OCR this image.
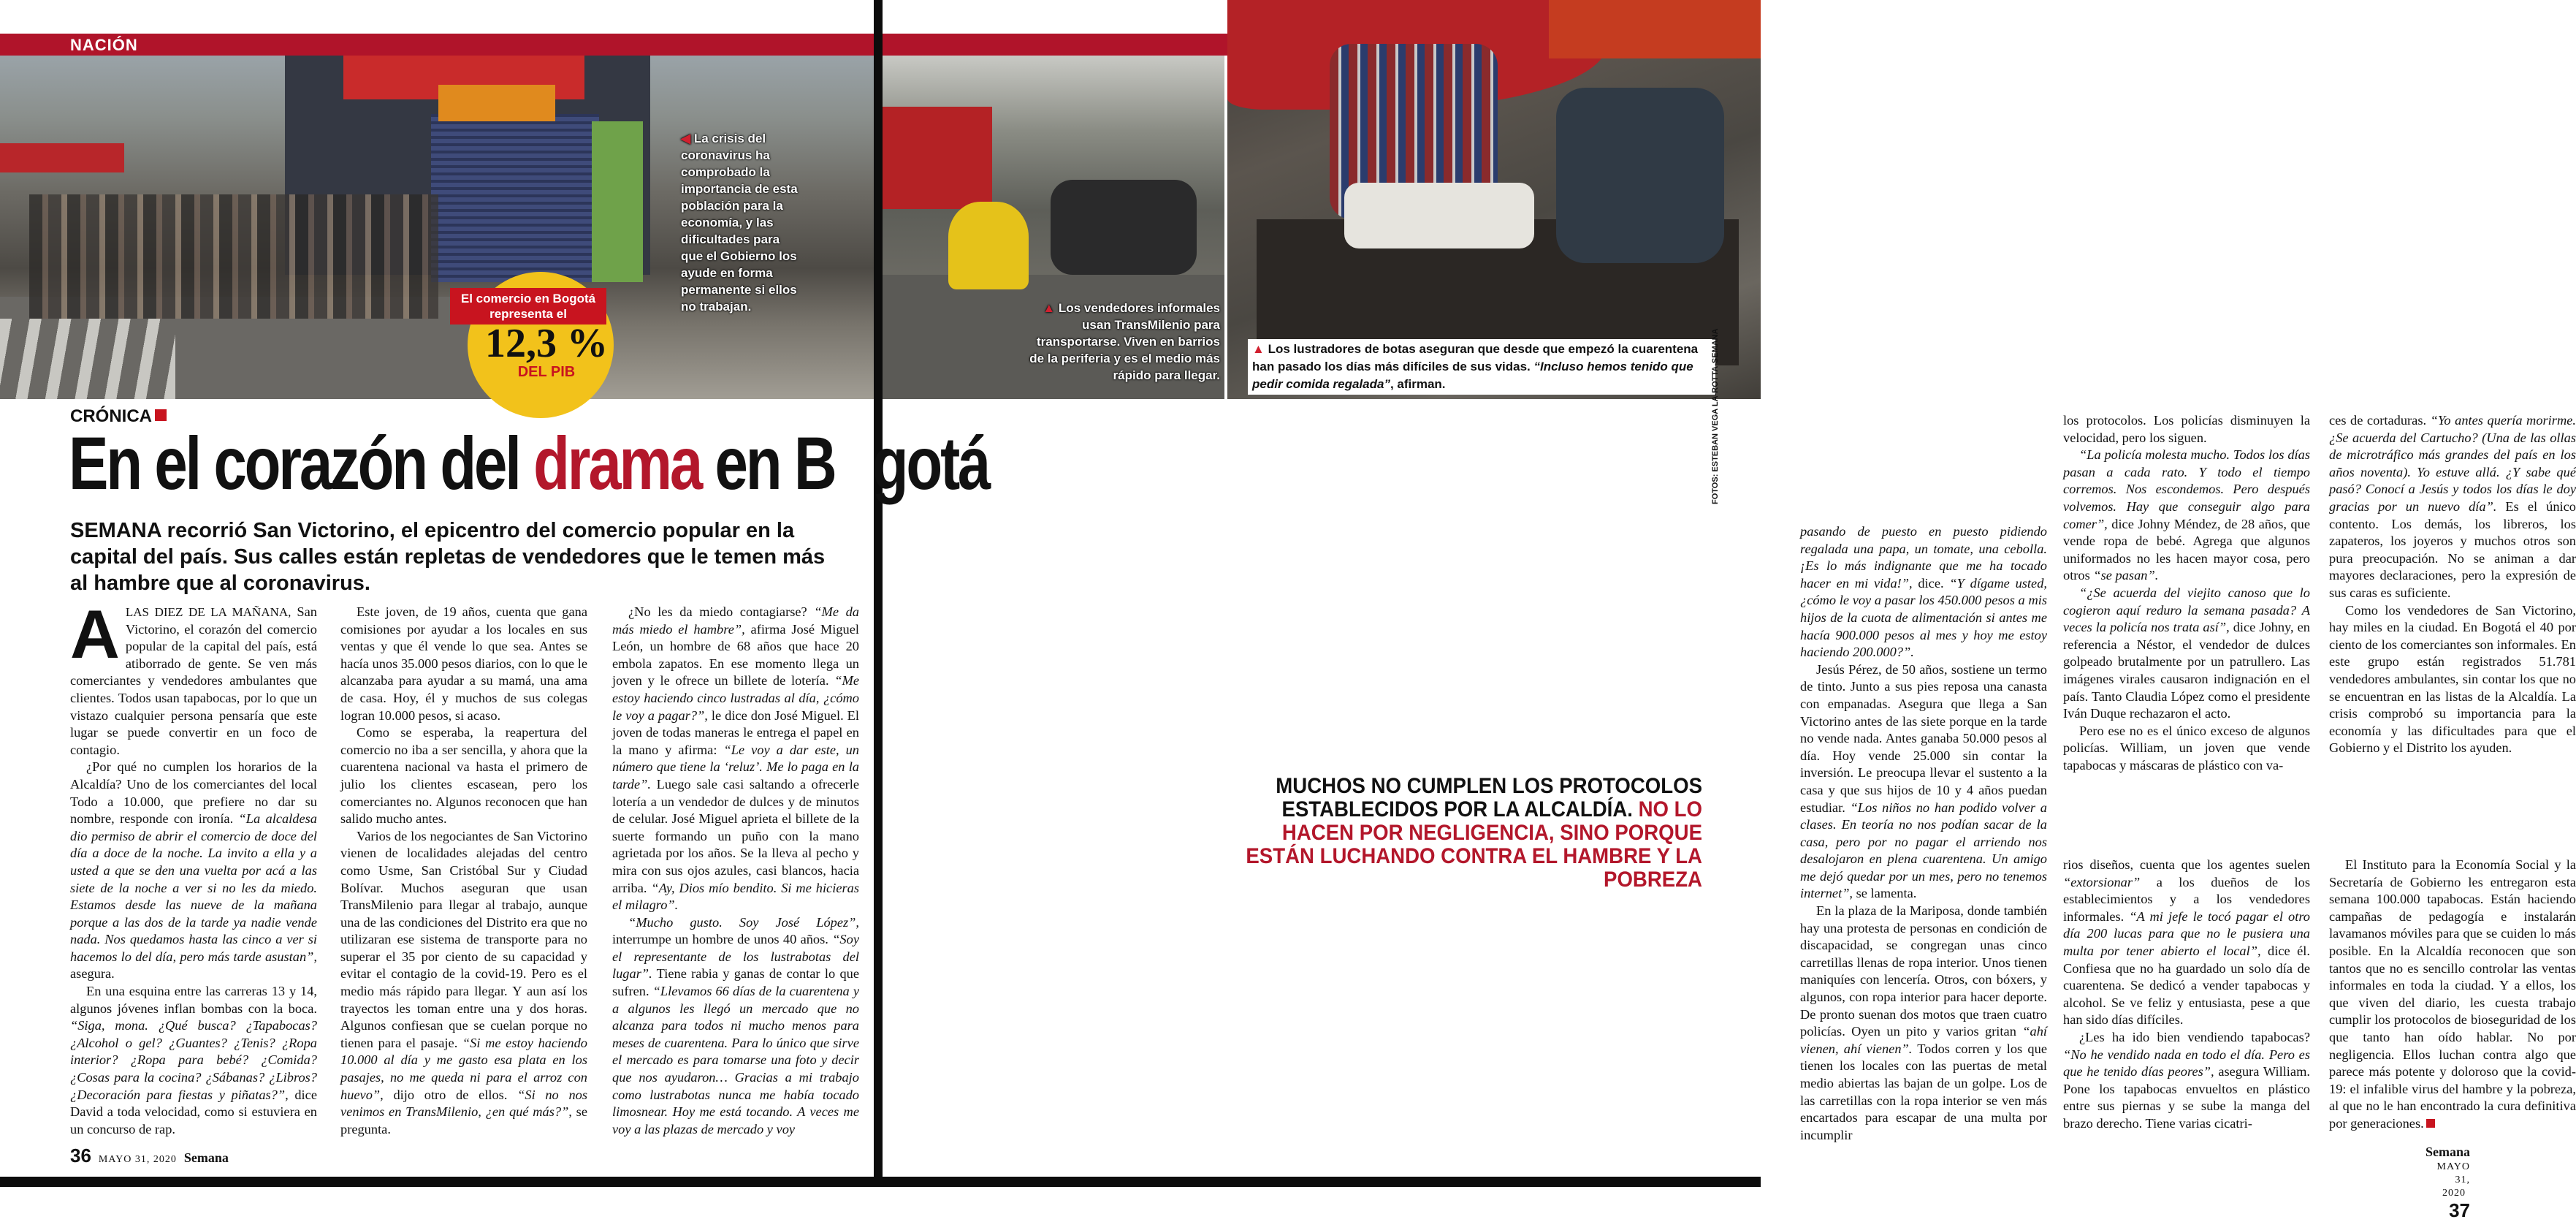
NACIÓN
◀ La crisis del coronavirus ha comprobado la importancia de esta población para la economía, y las dificultades para que el Gobierno los ayude en forma permanente si ellos no trabajan.
El comercio en Bogotá representa el
12,3 %
DEL PIB
CRÓNICA
SEMANA recorrió San Victorino, el epicentro del comercio popular en la capital del país. Sus calles están repletas de vendedores que le temen más al hambre que al coronavirus.

ALAS DIEZ DE LA MAÑANA, San Victorino, el corazón del comercio popular de la capital del país, está atiborrado de gente. Se ven más comerciantes y vendedores ambulantes que clientes. Todos usan tapabocas, por lo que un vistazo cualquier persona pensaría que este lugar se puede convertir en un foco de contagio.

¿Por qué no cumplen los horarios de la Alcaldía? Uno de los comerciantes del local Todo a 10.000, que prefiere no dar su nombre, responde con ironía. “La alcaldesa dio permiso de abrir el comercio de doce del día a doce de la noche. La invito a ella y a usted a que se den una vuelta por acá a las siete de la noche a ver si no les da miedo. Estamos desde las nueve de la mañana porque a las dos de la tarde ya nadie vende nada. Nos quedamos hasta las cinco a ver si hacemos lo del día, pero más tarde asustan”, asegura.

En una esquina entre las carreras 13 y 14, algunos jóvenes inflan bombas con la boca. “Siga, mona. ¿Qué busca? ¿Tapabocas? ¿Alcohol o gel? ¿Guantes? ¿Tenis? ¿Ropa interior? ¿Ropa para bebé? ¿Comida? ¿Cosas para la cocina? ¿Sábanas? ¿Libros? ¿Decoración para fiestas y piñatas?”, dice David a toda velocidad, como si estuviera en un concurso de rap.

Este joven, de 19 años, cuenta que gana comisiones por ayudar a los locales en sus ventas y que él vende lo que sea. Antes se hacía unos 35.000 pesos diarios, con lo que le alcanzaba para ayudar a su mamá, una ama de casa. Hoy, él y muchos de sus colegas logran 10.000 pesos, si acaso.

Como se esperaba, la reapertura del comercio no iba a ser sencilla, y ahora que la cuarentena nacional va hasta el primero de julio los clientes escasean, pero los comerciantes no. Algunos reconocen que han salido mucho antes.

Varios de los negociantes de San Victorino vienen de localidades alejadas del centro como Usme, San Cristóbal Sur y Ciudad Bolívar. Muchos aseguran que usan TransMilenio para llegar al trabajo, aunque una de las condiciones del Distrito era que no utilizaran ese sistema de transporte para no superar el 35 por ciento de su capacidad y evitar el contagio de la covid-19. Pero es el medio más rápido para llegar. Y aun así los trayectos les toman entre una y dos horas. Algunos confiesan que se cuelan porque no tienen para el pasaje. “Si me estoy haciendo 10.000 al día y me gasto esa plata en los pasajes, no me queda ni para el arroz con huevo”, dijo otro de ellos. “Si no nos venimos en TransMilenio, ¿en qué más?”, se pregunta.

¿No les da miedo contagiarse? “Me da más miedo el hambre”, afirma José Miguel León, un hombre de 68 años que hace 20 embola zapatos. En ese momento llega un joven y le ofrece un billete de lotería. “Me estoy haciendo cinco lustradas al día, ¿cómo le voy a pagar?”, le dice don José Miguel. El joven de todas maneras le entrega el papel en la mano y afirma: “Le voy a dar este, un número que tiene la ‘reluz’. Me lo paga en la tarde”. Luego sale casi saltando a ofrecerle lotería a un vendedor de dulces y de minutos de celular. José Miguel aprieta el billete de la suerte formando un puño con la mano agrietada por los años. Se la lleva al pecho y mira con sus ojos azules, casi blancos, hacia arriba. “Ay, Dios mío bendito. Si me hicieras el milagro”.

“Mucho gusto. Soy José López”, interrumpe un hombre de unos 40 años. “Soy el representante de los lustrabotas del lugar”. Tiene rabia y ganas de contar lo que sufren. “Llevamos 66 días de la cuarentena y a algunos les llegó un mercado que no alcanza para todos ni mucho menos para meses de cuarentena. Para lo único que sirve el mercado es para tomarse una foto y decir que nos ayudaron… Gracias a mi trabajo como lustrabotas nunca me había tocado limosnear. Hoy me está tocando. A veces me voy a las plazas de mercado y voy

36 MAYO 31, 2020 Semana

pasando de puesto en puesto pidiendo regalada una papa, un tomate, una cebolla. ¡Es lo más indignante que me ha tocado hacer en mi vida!”, dice. “Y dígame usted, ¿cómo le voy a pasar los 450.000 pesos a mis hijos de la cuota de alimentación si antes me hacía 900.000 pesos al mes y hoy me estoy haciendo 200.000?”.

Jesús Pérez, de 50 años, sostiene un termo de tinto. Junto a sus pies reposa una canasta con empanadas. Asegura que llega a San Victorino antes de las siete porque en la tarde no vende nada. Antes ganaba 50.000 pesos al día. Hoy vende 25.000 sin contar la inversión. Le preocupa llevar el sustento a la casa y que sus hijos de 10 y 4 años puedan estudiar. “Los niños no han podido volver a clases. En teoría no nos podían sacar de la casa, pero por no pagar el arriendo nos desalojaron en plena cuarentena. Un amigo me dejó quedar por un mes, pero no tenemos internet”, se lamenta.

En la plaza de la Mariposa, donde también hay una protesta de personas en condición de discapacidad, se congregan unas cinco carretillas llenas de ropa interior. Unos tienen maniquíes con lencería. Otros, con bóxers, y algunos, con ropa interior para hacer deporte. De pronto suenan dos motos que traen cuatro policías. Oyen un pito y varios gritan “ahí vienen, ahí vienen”. Todos corren y los que tienen los locales con las puertas de metal medio abiertas las bajan de un golpe. Los de las carretillas con la ropa interior se ven más encartados para escapar de una multa por incumplir

los protocolos. Los policías disminuyen la velocidad, pero los siguen.

“La policía molesta mucho. Todos los días pasan a cada rato. Y todo el tiempo corremos. Nos escondemos. Pero después volvemos. Hay que conseguir algo para comer”, dice Johny Méndez, de 28 años, que vende ropa de bebé. Agrega que algunos uniformados no les hacen mayor cosa, pero otros “se pasan”.

“¿Se acuerda del viejito canoso que lo cogieron aquí reduro la semana pasada? A veces la policía nos trata así”, dice Johny, en referencia a Néstor, el vendedor de dulces golpeado brutalmente por un patrullero. Las imágenes virales causaron indignación en el país. Tanto Claudia López como el presidente Iván Duque rechazaron el acto.

Pero ese no es el único exceso de algunos policías. William, un joven que vende tapabocas y máscaras de plástico con va-

ces de cortaduras. “Yo antes quería morirme. ¿Se acuerda del Cartucho? (Una de las ollas de microtráfico más grandes del país en los años noventa). Yo estuve allá. ¿Y sabe qué pasó? Conocí a Jesús y todos los días le doy gracias por un nuevo día”. Es el único contento. Los demás, los libreros, los zapateros, los joyeros y muchos otros son pura preocupación. No se animan a dar mayores declaraciones, pero la expresión de sus caras es suficiente.

Como los vendedores de San Victorino, hay miles en la ciudad. En Bogotá el 40 por ciento de los comerciantes son informales. En este grupo están registrados 51.781 vendedores ambulantes, sin contar los que no se encuentran en las listas de la Alcaldía. La crisis comprobó su importancia para la economía y las dificultades para que el Gobierno y el Distrito los ayuden.

rios diseños, cuenta que los agentes suelen “extorsionar” a los dueños de los establecimientos y a los vendedores informales. “A mi jefe le tocó pagar el otro día 200 lucas para que no le pusiera una multa por tener abierto el local”, dice él. Confiesa que no ha guardado un solo día de cuarentena. Se dedicó a vender tapabocas y alcohol. Se ve feliz y entusiasta, pese a que han sido días difíciles.

¿Les ha ido bien vendiendo tapabocas? “No he vendido nada en todo el día. Pero es que he tenido días peores”, asegura William. Pone los tapabocas envueltos en plástico entre sus piernas y se sube la manga del brazo derecho. Tiene varias cicatri-

El Instituto para la Economía Social y la Secretaría de Gobierno les entregaron esta semana 100.000 tapabocas. Están haciendo campañas de pedagogía e instalarán lavamanos móviles para que se cuiden lo más posible. En la Alcaldía reconocen que son tantos que no es sencillo controlar las ventas informales en toda la ciudad. Y a ellos, los que viven del diario, les cuesta trabajo cumplir los protocolos de bioseguridad de los que tanto han oído hablar. No por negligencia. Ellos luchan contra algo que parece más potente y doloroso que la covid-19: el infalible virus del hambre y la pobreza, al que no le han encontrado la cura definitiva por generaciones.

Semana MAYO 31, 2020 37
▲ Los vendedores informales usan TransMilenio para transportarse. Viven en barrios de la periferia y es el medio más rápido para llegar.
▲ Los lustradores de botas aseguran que desde que empezó la cuarentena han pasado los días más difíciles de sus vidas. “Incluso hemos tenido que pedir comida regalada”, afirman.	FOTOS: ESTEBAN VEGA LA-ROTTA-SEMANA
En el corazón del drama en B gotá
MUCHOS NO CUMPLEN LOS PROTOCOLOS ESTABLECIDOS POR LA ALCALDÍA. NO LO HACEN POR NEGLIGENCIA, SINO PORQUE ESTÁN LUCHANDO CONTRA EL HAMBRE Y LA POBREZA
